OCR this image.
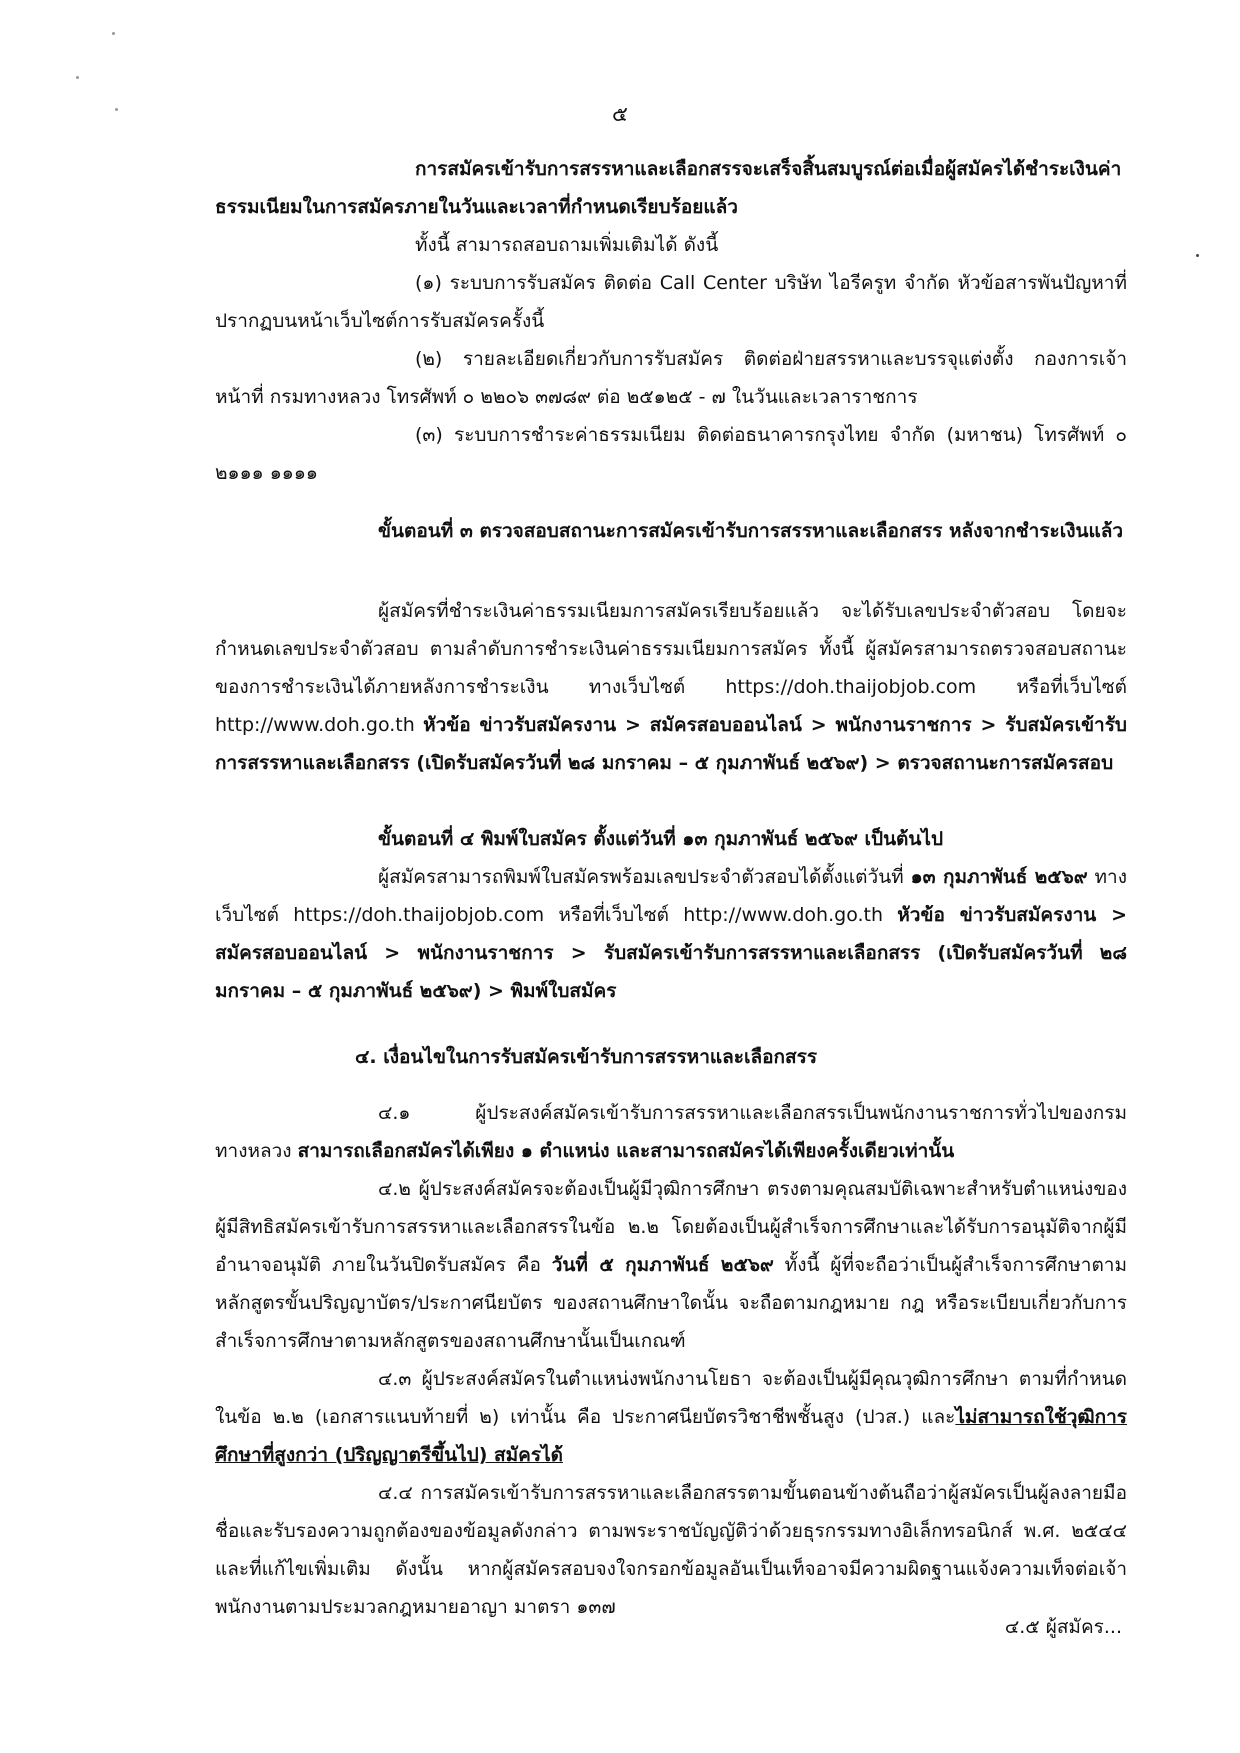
๕

การสมัครเข้ารับการสรรหาและเลือกสรรจะเสร็จสิ้นสมบูรณ์ต่อเมื่อผู้สมัครได้ชำระเงินค่าธรรมเนียมในการสมัครภายในวันและเวลาที่กำหนดเรียบร้อยแล้ว

ทั้งนี้ สามารถสอบถามเพิ่มเติมได้ ดังนี้

(๑) ระบบการรับสมัคร ติดต่อ Call Center บริษัท ไอรีครูท จำกัด หัวข้อสารพันปัญหาที่ปรากฏบนหน้าเว็บไซต์การรับสมัครครั้งนี้

(๒) รายละเอียดเกี่ยวกับการรับสมัคร ติดต่อฝ่ายสรรหาและบรรจุแต่งตั้ง กองการเจ้าหน้าที่ กรมทางหลวง โทรศัพท์ ๐ ๒๒๐๖ ๓๗๘๙ ต่อ ๒๕๑๒๕ - ๗ ในวันและเวลาราชการ

(๓) ระบบการชำระค่าธรรมเนียม ติดต่อธนาคารกรุงไทย จำกัด (มหาชน) โทรศัพท์ ๐ ๒๑๑๑ ๑๑๑๑

ขั้นตอนที่ ๓ ตรวจสอบสถานะการสมัครเข้ารับการสรรหาและเลือกสรร หลังจากชำระเงินแล้ว

ผู้สมัครที่ชำระเงินค่าธรรมเนียมการสมัครเรียบร้อยแล้ว จะได้รับเลขประจำตัวสอบ โดยจะกำหนดเลขประจำตัวสอบ ตามลำดับการชำระเงินค่าธรรมเนียมการสมัคร ทั้งนี้ ผู้สมัครสามารถตรวจสอบสถานะของการชำระเงินได้ภายหลังการชำระเงิน ทางเว็บไซต์ https://doh.thaijobjob.com หรือที่เว็บไซต์ http://www.doh.go.th หัวข้อ ข่าวรับสมัครงาน > สมัครสอบออนไลน์ > พนักงานราชการ > รับสมัครเข้ารับการสรรหาและเลือกสรร (เปิดรับสมัครวันที่ ๒๘ มกราคม – ๕ กุมภาพันธ์ ๒๕๖๙) > ตรวจสถานะการสมัครสอบ

ขั้นตอนที่ ๔ พิมพ์ใบสมัคร ตั้งแต่วันที่ ๑๓ กุมภาพันธ์ ๒๕๖๙ เป็นต้นไป

ผู้สมัครสามารถพิมพ์ใบสมัครพร้อมเลขประจำตัวสอบได้ตั้งแต่วันที่ ๑๓ กุมภาพันธ์ ๒๕๖๙ ทางเว็บไซต์ https://doh.thaijobjob.com หรือที่เว็บไซต์ http://www.doh.go.th หัวข้อ ข่าวรับสมัครงาน > สมัครสอบออนไลน์ > พนักงานราชการ > รับสมัครเข้ารับการสรรหาและเลือกสรร (เปิดรับสมัครวันที่ ๒๘ มกราคม – ๕ กุมภาพันธ์ ๒๕๖๙) > พิมพ์ใบสมัคร

๔. เงื่อนไขในการรับสมัครเข้ารับการสรรหาและเลือกสรร

๔.๑ ผู้ประสงค์สมัครเข้ารับการสรรหาและเลือกสรรเป็นพนักงานราชการทั่วไปของกรมทางหลวง สามารถเลือกสมัครได้เพียง ๑ ตำแหน่ง และสามารถสมัครได้เพียงครั้งเดียวเท่านั้น

๔.๒ ผู้ประสงค์สมัครจะต้องเป็นผู้มีวุฒิการศึกษา ตรงตามคุณสมบัติเฉพาะสำหรับตำแหน่งของผู้มีสิทธิสมัครเข้ารับการสรรหาและเลือกสรรในข้อ ๒.๒ โดยต้องเป็นผู้สำเร็จการศึกษาและได้รับการอนุมัติจากผู้มีอำนาจอนุมัติ ภายในวันปิดรับสมัคร คือ วันที่ ๕ กุมภาพันธ์ ๒๕๖๙ ทั้งนี้ ผู้ที่จะถือว่าเป็นผู้สำเร็จการศึกษาตามหลักสูตรขั้นปริญญาบัตร/ประกาศนียบัตร ของสถานศึกษาใดนั้น จะถือตามกฎหมาย กฎ หรือระเบียบเกี่ยวกับการสำเร็จการศึกษาตามหลักสูตรของสถานศึกษานั้นเป็นเกณฑ์

๔.๓ ผู้ประสงค์สมัครในตำแหน่งพนักงานโยธา จะต้องเป็นผู้มีคุณวุฒิการศึกษา ตามที่กำหนดในข้อ ๒.๒ (เอกสารแนบท้ายที่ ๒) เท่านั้น คือ ประกาศนียบัตรวิชาชีพชั้นสูง (ปวส.) และไม่สามารถใช้วุฒิการศึกษาที่สูงกว่า (ปริญญาตรีขึ้นไป) สมัครได้

๔.๔ การสมัครเข้ารับการสรรหาและเลือกสรรตามขั้นตอนข้างต้นถือว่าผู้สมัครเป็นผู้ลงลายมือชื่อและรับรองความถูกต้องของข้อมูลดังกล่าว ตามพระราชบัญญัติว่าด้วยธุรกรรมทางอิเล็กทรอนิกส์ พ.ศ. ๒๕๔๔ และที่แก้ไขเพิ่มเติม ดังนั้น หากผู้สมัครสอบจงใจกรอกข้อมูลอันเป็นเท็จอาจมีความผิดฐานแจ้งความเท็จต่อเจ้าพนักงานตามประมวลกฎหมายอาญา มาตรา ๑๓๗

๔.๕ ผู้สมัคร...
